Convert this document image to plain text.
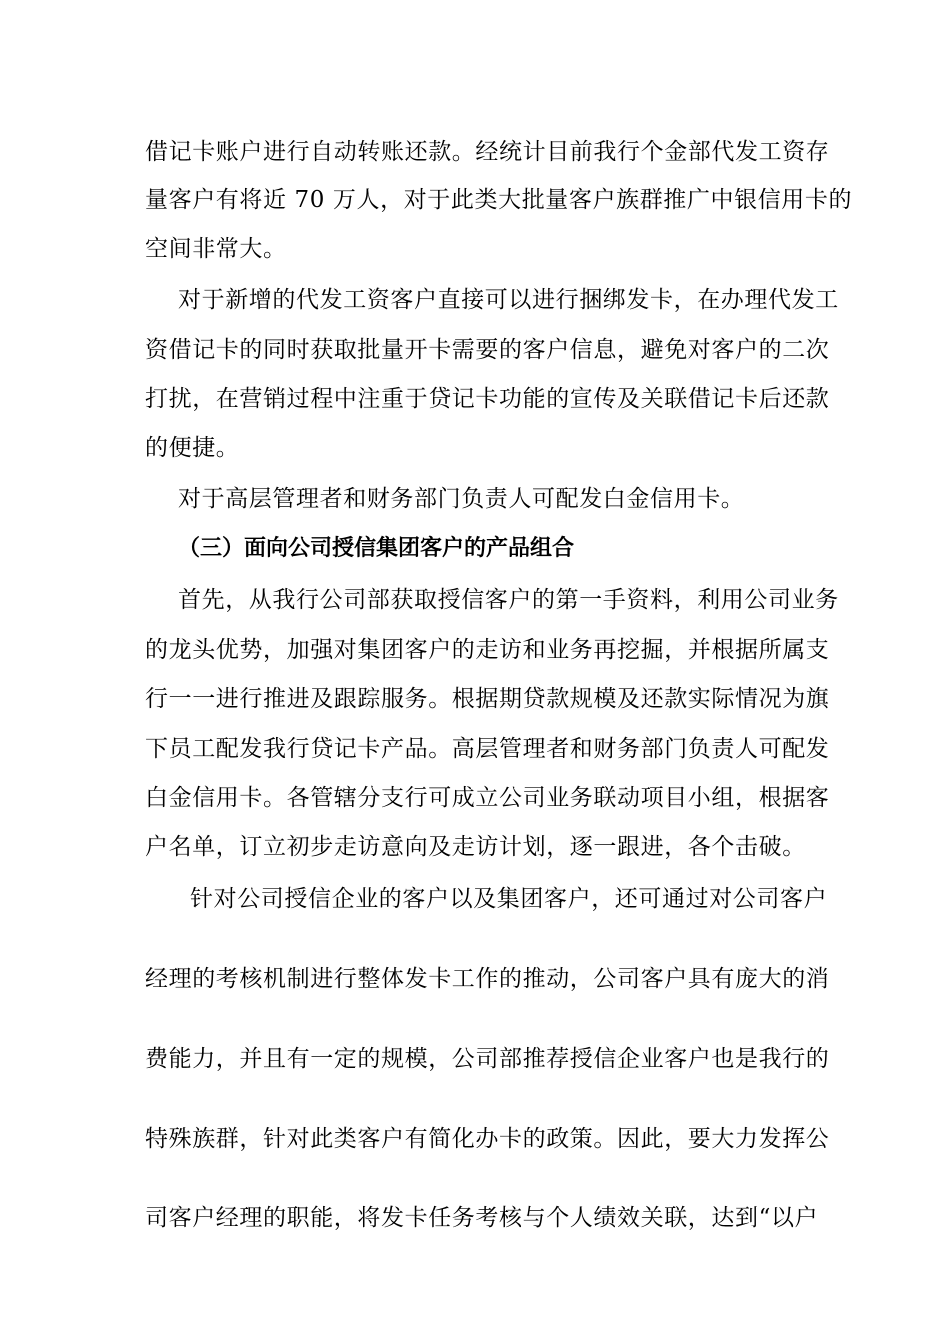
借记卡账户进行自动转账还款。经统计目前我行个金部代发工资存
量客户有将近 70 万人，对于此类大批量客户族群推广中银信用卡的
空间非常大。
对于新增的代发工资客户直接可以进行捆绑发卡，在办理代发工
资借记卡的同时获取批量开卡需要的客户信息，避免对客户的二次
打扰，在营销过程中注重于贷记卡功能的宣传及关联借记卡后还款
的便捷。
对于高层管理者和财务部门负责人可配发白金信用卡。
（三）面向公司授信集团客户的产品组合
首先，从我行公司部获取授信客户的第一手资料，利用公司业务
的龙头优势，加强对集团客户的走访和业务再挖掘，并根据所属支
行一一进行推进及跟踪服务。根据期贷款规模及还款实际情况为旗
下员工配发我行贷记卡产品。高层管理者和财务部门负责人可配发
白金信用卡。各管辖分支行可成立公司业务联动项目小组，根据客
户名单，订立初步走访意向及走访计划，逐一跟进，各个击破。
针对公司授信企业的客户以及集团客户，还可通过对公司客户
经理的考核机制进行整体发卡工作的推动，公司客户具有庞大的消
费能力，并且有一定的规模，公司部推荐授信企业客户也是我行的
特殊族群，针对此类客户有简化办卡的政策。因此，要大力发挥公
司客户经理的职能，将发卡任务考核与个人绩效关联，达到“以户
